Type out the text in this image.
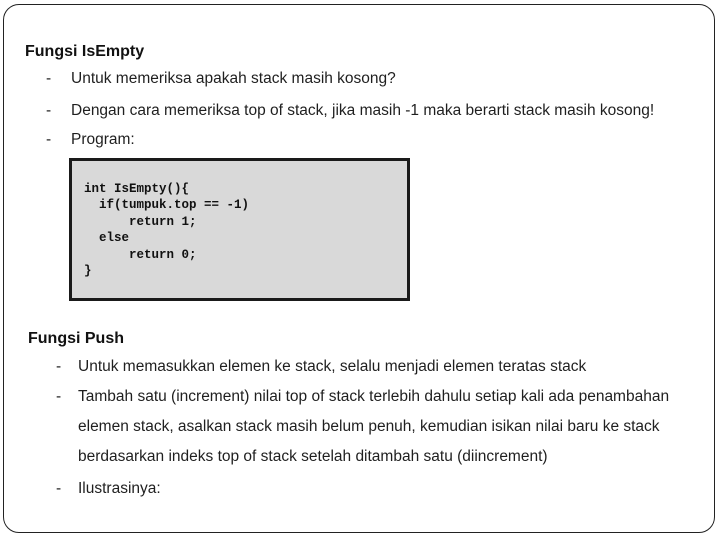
Fungsi IsEmpty
- Untuk memeriksa apakah stack masih kosong?
- Dengan cara memeriksa top of stack, jika masih -1 maka berarti stack masih kosong!
- Program:
int IsEmpty(){
if(tumpuk.top == -1)
return 1;
else
return 0;
}
Fungsi Push
- Untuk memasukkan elemen ke stack, selalu menjadi elemen teratas stack
- Tambah satu (increment) nilai top of stack terlebih dahulu setiap kali ada penambahan
elemen stack, asalkan stack masih belum penuh, kemudian isikan nilai baru ke stack
berdasarkan indeks top of stack setelah ditambah satu (diincrement)
- Ilustrasinya:
